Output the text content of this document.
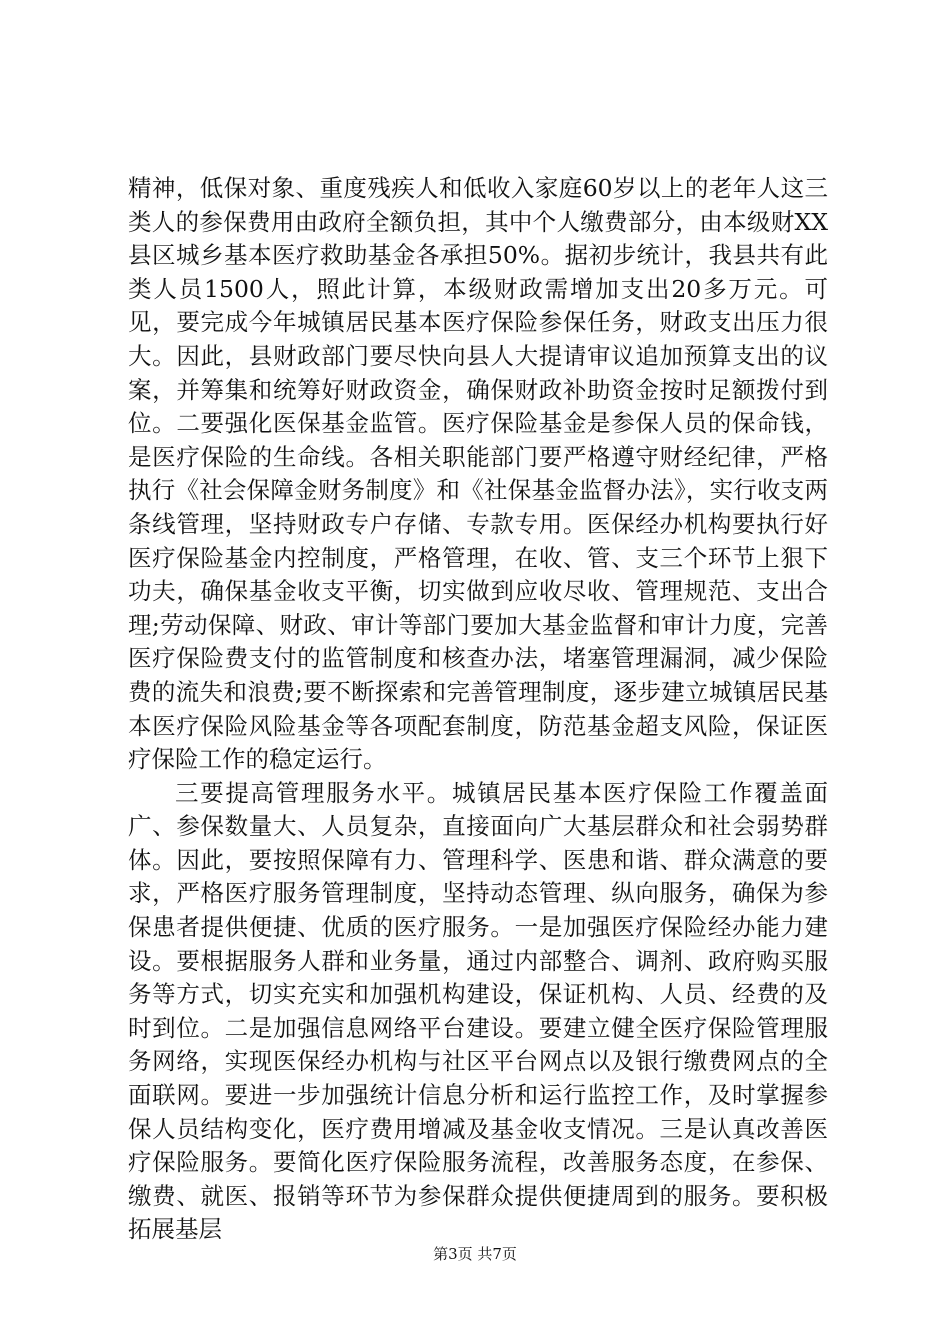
精神，低保对象、重度残疾人和低收入家庭60岁以上的老年人这三类人的参保费用由政府全额负担，其中个人缴费部分，由本级财XX县区城乡基本医疗救助基金各承担50%。据初步统计，我县共有此类人员1500人，照此计算，本级财政需增加支出20多万元。可见，要完成今年城镇居民基本医疗保险参保任务，财政支出压力很大。因此，县财政部门要尽快向县人大提请审议追加预算支出的议案，并筹集和统筹好财政资金，确保财政补助资金按时足额拨付到位。二要强化医保基金监管。医疗保险基金是参保人员的保命钱，是医疗保险的生命线。各相关职能部门要严格遵守财经纪律，严格执行《社会保障金财务制度》和《社保基金监督办法》，实行收支两条线管理，坚持财政专户存储、专款专用。医保经办机构要执行好医疗保险基金内控制度，严格管理，在收、管、支三个环节上狠下功夫，确保基金收支平衡，切实做到应收尽收、管理规范、支出合理;劳动保障、财政、审计等部门要加大基金监督和审计力度，完善医疗保险费支付的监管制度和核查办法，堵塞管理漏洞，减少保险费的流失和浪费;要不断探索和完善管理制度，逐步建立城镇居民基本医疗保险风险基金等各项配套制度，防范基金超支风险，保证医疗保险工作的稳定运行。

三要提高管理服务水平。城镇居民基本医疗保险工作覆盖面广、参保数量大、人员复杂，直接面向广大基层群众和社会弱势群体。因此，要按照保障有力、管理科学、医患和谐、群众满意的要求，严格医疗服务管理制度，坚持动态管理、纵向服务，确保为参保患者提供便捷、优质的医疗服务。一是加强医疗保险经办能力建设。要根据服务人群和业务量，通过内部整合、调剂、政府购买服务等方式，切实充实和加强机构建设，保证机构、人员、经费的及时到位。二是加强信息网络平台建设。要建立健全医疗保险管理服务网络，实现医保经办机构与社区平台网点以及银行缴费网点的全面联网。要进一步加强统计信息分析和运行监控工作，及时掌握参保人员结构变化，医疗费用增减及基金收支情况。三是认真改善医疗保险服务。要简化医疗保险服务流程，改善服务态度，在参保、缴费、就医、报销等环节为参保群众提供便捷周到的服务。要积极拓展基层

第3页 共7页
